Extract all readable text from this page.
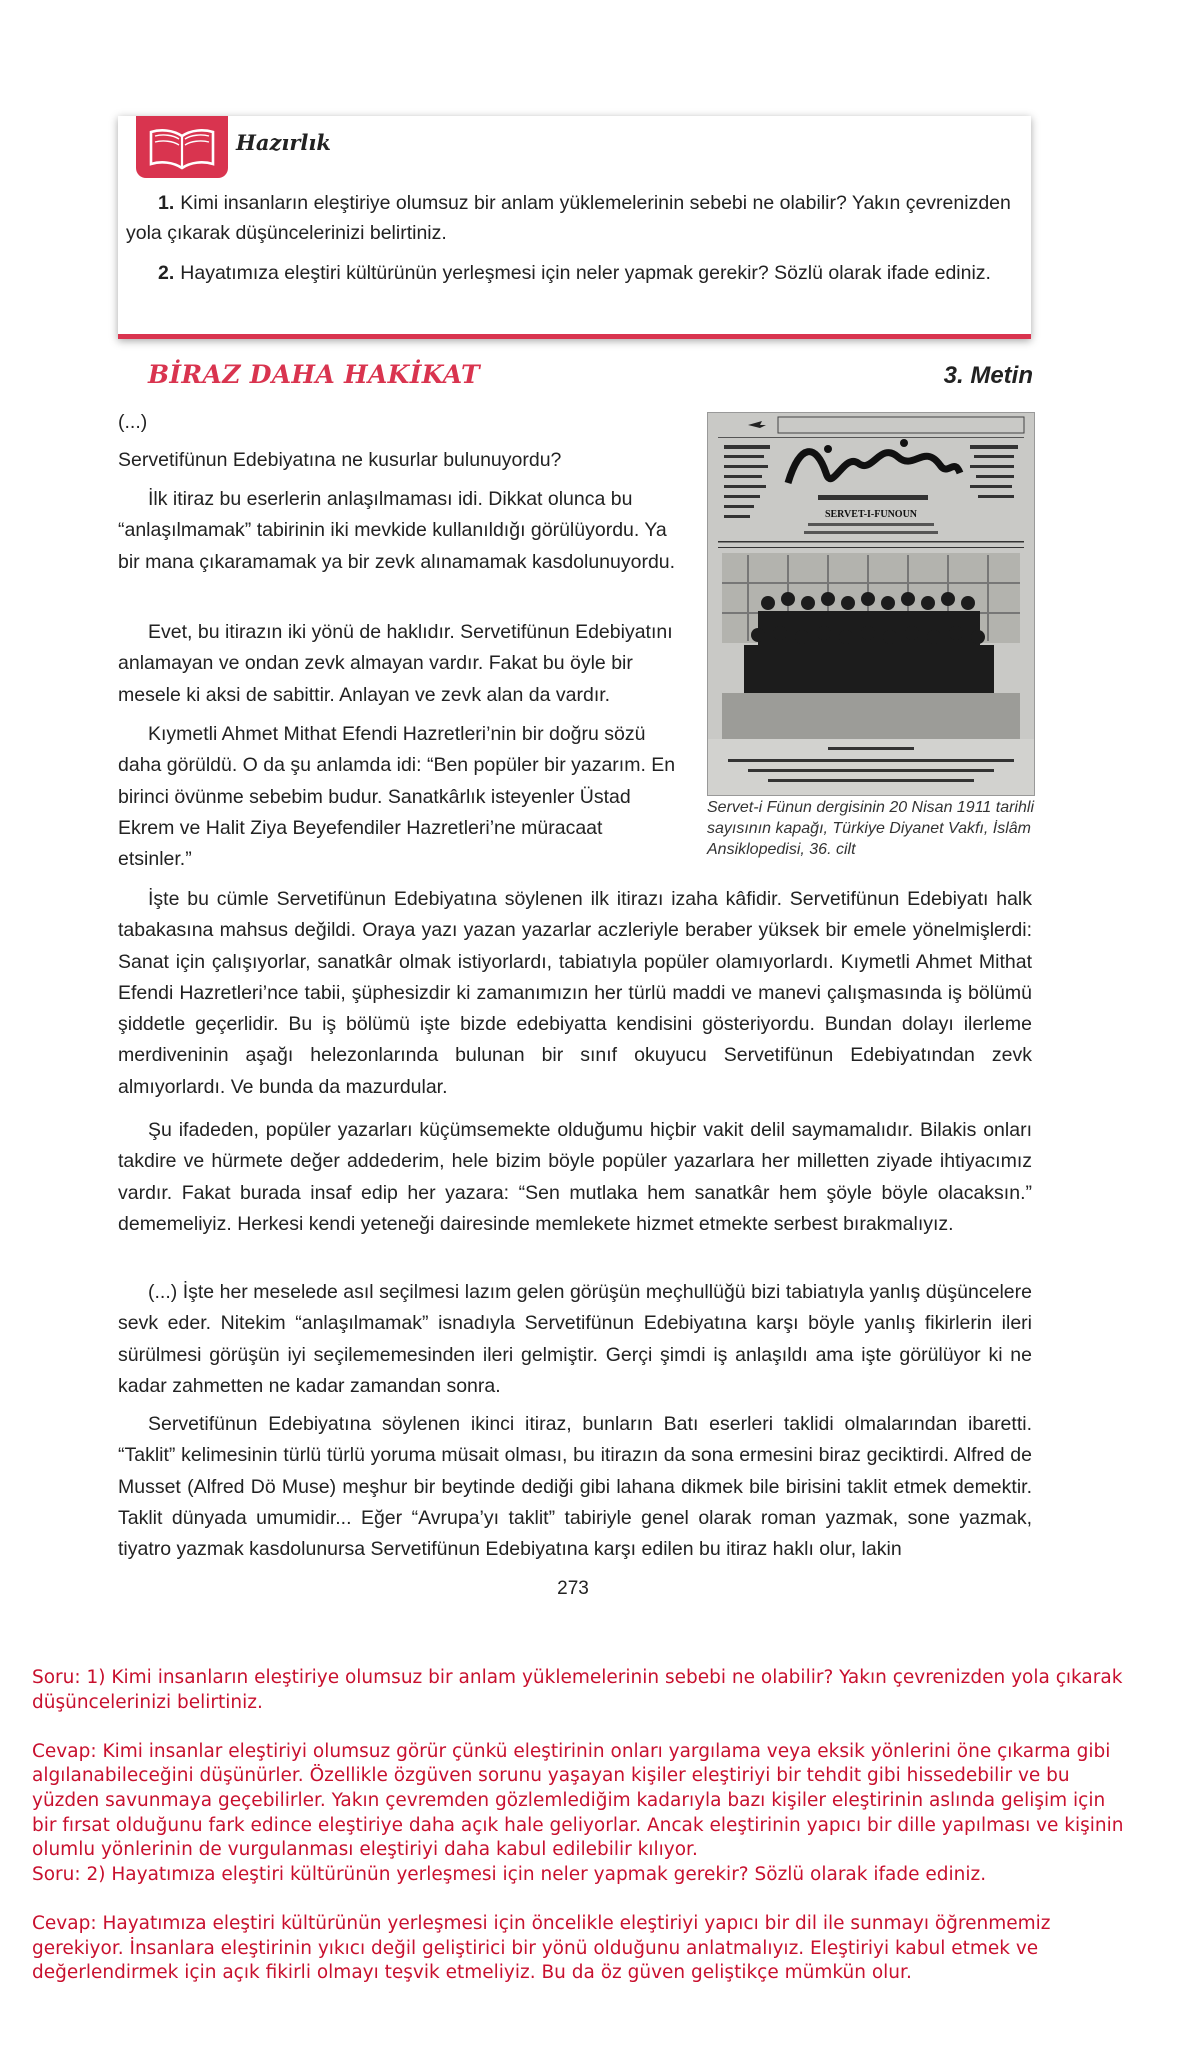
Hazırlık
1. Kimi insanların eleştiriye olumsuz bir anlam yüklemelerinin sebebi ne olabilir? Yakın çevrenizden yola çıkarak düşüncelerinizi belirtiniz.
2. Hayatımıza eleştiri kültürünün yerleşmesi için neler yapmak gerekir? Sözlü olarak ifade ediniz.
BİRAZ DAHA HAKİKAT	3. Metin

(...)

Servetifünun Edebiyatına ne kusurlar bulunuyordu?

İlk itiraz bu eserlerin anlaşılmaması idi. Dikkat olunca bu “anlaşılmamak” tabirinin iki mevkide kullanıldığı görülüyordu. Ya bir mana çıkaramamak ya bir zevk alınamamak kasdolunuyordu.

Evet, bu itirazın iki yönü de haklıdır. Servetifünun Edebiyatını anlamayan ve ondan zevk almayan vardır. Fakat bu öyle bir mesele ki aksi de sabittir. Anlayan ve zevk alan da vardır.

Kıymetli Ahmet Mithat Efendi Hazretleri’nin bir doğru sözü daha görüldü. O da şu anlamda idi: “Ben popüler bir yazarım. En birinci övünme sebebim budur. Sanatkârlık isteyenler Üstad Ekrem ve Halit Ziya Beyefendiler Hazretleri’ne müracaat etsinler.”

SERVET-I-FUNOUN
Servet-i Fünun dergisinin 20 Nisan 1911 tarihli sayısının kapağı, Türkiye Diyanet Vakfı, İslâm Ansiklopedisi, 36. cilt

İşte bu cümle Servetifünun Edebiyatına söylenen ilk itirazı izaha kâfidir. Servetifünun Edebiyatı halk tabakasına mahsus değildi. Oraya yazı yazan yazarlar aczleriyle beraber yüksek bir emele yönelmişlerdi: Sanat için çalışıyorlar, sanatkâr olmak istiyorlardı, tabiatıyla popüler olamıyorlardı. Kıymetli Ahmet Mithat Efendi Hazretleri’nce tabii, şüphesizdir ki zamanımızın her türlü maddi ve manevi çalışmasında iş bölümü şiddetle geçerlidir. Bu iş bölümü işte bizde edebiyatta kendisini gösteriyordu. Bundan dolayı ilerleme merdiveninin aşağı helezonlarında bulunan bir sınıf okuyucu Servetifünun Edebiyatından zevk almıyorlardı. Ve bunda da mazurdular.

Şu ifadeden, popüler yazarları küçümsemekte olduğumu hiçbir vakit delil saymamalıdır. Bilakis onları takdire ve hürmete değer addederim, hele bizim böyle popüler yazarlara her milletten ziyade ihtiyacımız vardır. Fakat burada insaf edip her yazara: “Sen mutlaka hem sanatkâr hem şöyle böyle olacaksın.” dememeliyiz. Herkesi kendi yeteneği dairesinde memlekete hizmet etmekte serbest bırakmalıyız.

(...) İşte her meselede asıl seçilmesi lazım gelen görüşün meçhullüğü bizi tabiatıyla yanlış düşüncelere sevk eder. Nitekim “anlaşılmamak” isnadıyla Servetifünun Edebiyatına karşı böyle yanlış fikirlerin ileri sürülmesi görüşün iyi seçilememesinden ileri gelmiştir. Gerçi şimdi iş anlaşıldı ama işte görülüyor ki ne kadar zahmetten ne kadar zamandan sonra.

Servetifünun Edebiyatına söylenen ikinci itiraz, bunların Batı eserleri taklidi olmalarından ibaretti. “Taklit” kelimesinin türlü türlü yoruma müsait olması, bu itirazın da sona ermesini biraz geciktirdi. Alfred de Musset (Alfred Dö Muse) meşhur bir beytinde dediği gibi lahana dikmek bile birisini taklit etmek demektir. Taklit dünyada umumidir... Eğer “Avrupa’yı taklit” tabiriyle genel olarak roman yazmak, sone yazmak, tiyatro yazmak kasdolunursa Servetifünun Edebiyatına karşı edilen bu itiraz haklı olur, lakin

273
Soru: 1) Kimi insanların eleştiriye olumsuz bir anlam yüklemelerinin sebebi ne olabilir? Yakın çevrenizden yola çıkarak
düşüncelerinizi belirtiniz.
Cevap: Kimi insanlar eleştiriyi olumsuz görür çünkü eleştirinin onları yargılama veya eksik yönlerini öne çıkarma gibi
algılanabileceğini düşünürler. Özellikle özgüven sorunu yaşayan kişiler eleştiriyi bir tehdit gibi hissedebilir ve bu
yüzden savunmaya geçebilirler. Yakın çevremden gözlemlediğim kadarıyla bazı kişiler eleştirinin aslında gelişim için
bir fırsat olduğunu fark edince eleştiriye daha açık hale geliyorlar. Ancak eleştirinin yapıcı bir dille yapılması ve kişinin
olumlu yönlerinin de vurgulanması eleştiriyi daha kabul edilebilir kılıyor.
Soru: 2) Hayatımıza eleştiri kültürünün yerleşmesi için neler yapmak gerekir? Sözlü olarak ifade ediniz.
Cevap: Hayatımıza eleştiri kültürünün yerleşmesi için öncelikle eleştiriyi yapıcı bir dil ile sunmayı öğrenmemiz
gerekiyor. İnsanlara eleştirinin yıkıcı değil geliştirici bir yönü olduğunu anlatmalıyız. Eleştiriyi kabul etmek ve
değerlendirmek için açık fikirli olmayı teşvik etmeliyiz. Bu da öz güven geliştikçe mümkün olur.
